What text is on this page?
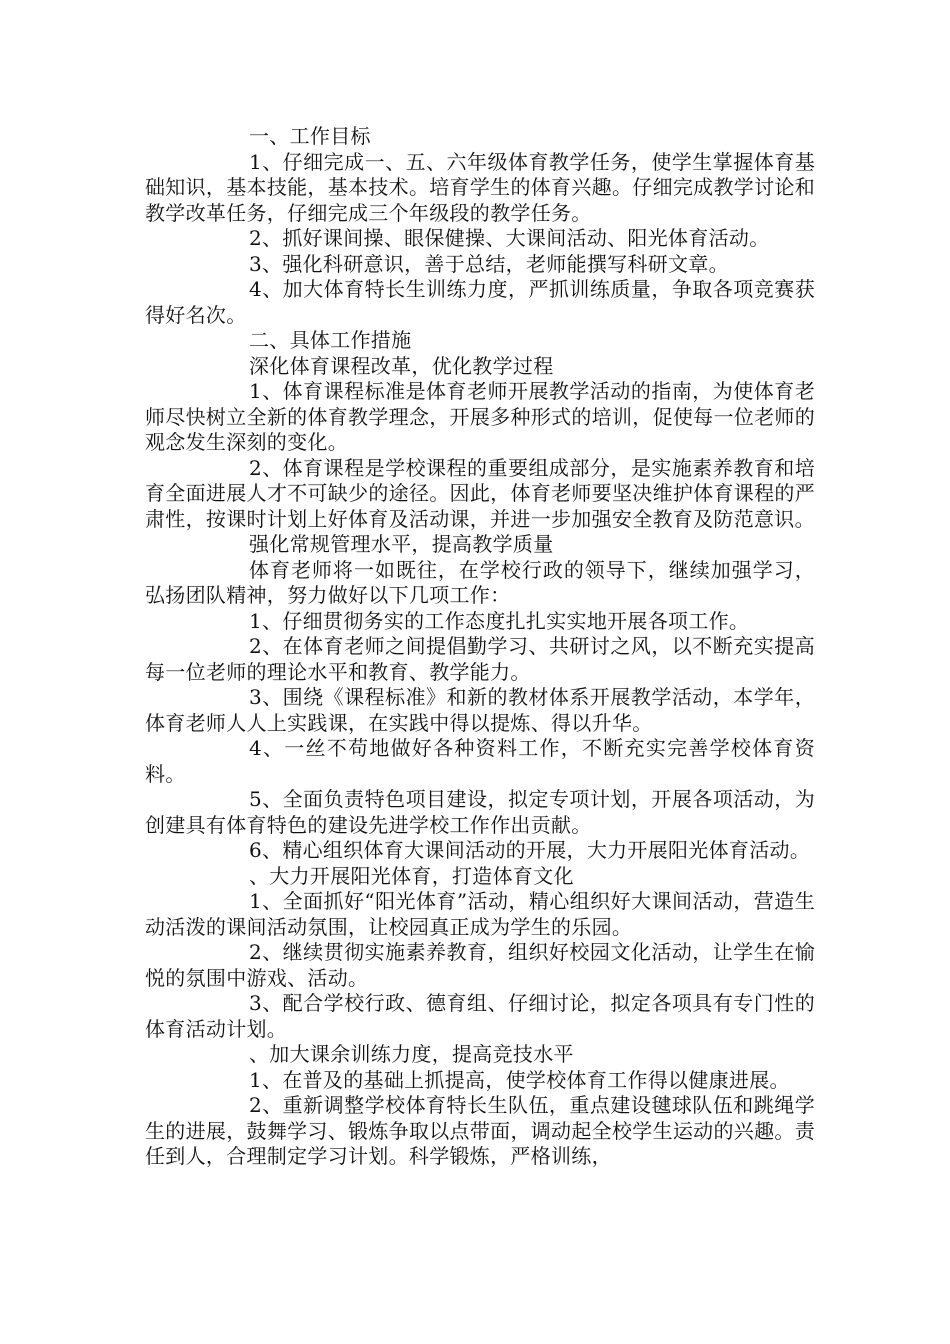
一、工作目标

1、仔细完成一、五、六年级体育教学任务，使学生掌握体育基础知识，基本技能，基本技术。培育学生的体育兴趣。仔细完成教学讨论和教学改革任务，仔细完成三个年级段的教学任务。

2、抓好课间操、眼保健操、大课间活动、阳光体育活动。

3、强化科研意识，善于总结，老师能撰写科研文章。

4、加大体育特长生训练力度，严抓训练质量，争取各项竞赛获得好名次。

二、具体工作措施

深化体育课程改革，优化教学过程

1、体育课程标准是体育老师开展教学活动的指南，为使体育老师尽快树立全新的体育教学理念，开展多种形式的培训，促使每一位老师的观念发生深刻的变化。

2、体育课程是学校课程的重要组成部分，是实施素养教育和培育全面进展人才不可缺少的途径。因此，体育老师要坚决维护体育课程的严肃性，按课时计划上好体育及活动课，并进一步加强安全教育及防范意识。

强化常规管理水平，提高教学质量

体育老师将一如既往，在学校行政的领导下，继续加强学习，弘扬团队精神，努力做好以下几项工作：

1、仔细贯彻务实的工作态度扎扎实实地开展各项工作。

2、在体育老师之间提倡勤学习、共研讨之风，以不断充实提高每一位老师的理论水平和教育、教学能力。

3、围绕《课程标准》和新的教材体系开展教学活动，本学年，体育老师人人上实践课，在实践中得以提炼、得以升华。

4、一丝不苟地做好各种资料工作，不断充实完善学校体育资料。

5、全面负责特色项目建设，拟定专项计划，开展各项活动，为创建具有体育特色的建设先进学校工作作出贡献。

6、精心组织体育大课间活动的开展，大力开展阳光体育活动。

、大力开展阳光体育，打造体育文化

1、全面抓好“阳光体育”活动，精心组织好大课间活动，营造生动活泼的课间活动氛围，让校园真正成为学生的乐园。

2、继续贯彻实施素养教育，组织好校园文化活动，让学生在愉悦的氛围中游戏、活动。

3、配合学校行政、德育组、仔细讨论，拟定各项具有专门性的体育活动计划。

、加大课余训练力度，提高竞技水平

1、在普及的基础上抓提高，使学校体育工作得以健康进展。

2、重新调整学校体育特长生队伍，重点建设毽球队伍和跳绳学生的进展，鼓舞学习、锻炼争取以点带面，调动起全校学生运动的兴趣。责任到人，合理制定学习计划。科学锻炼，严格训练，
